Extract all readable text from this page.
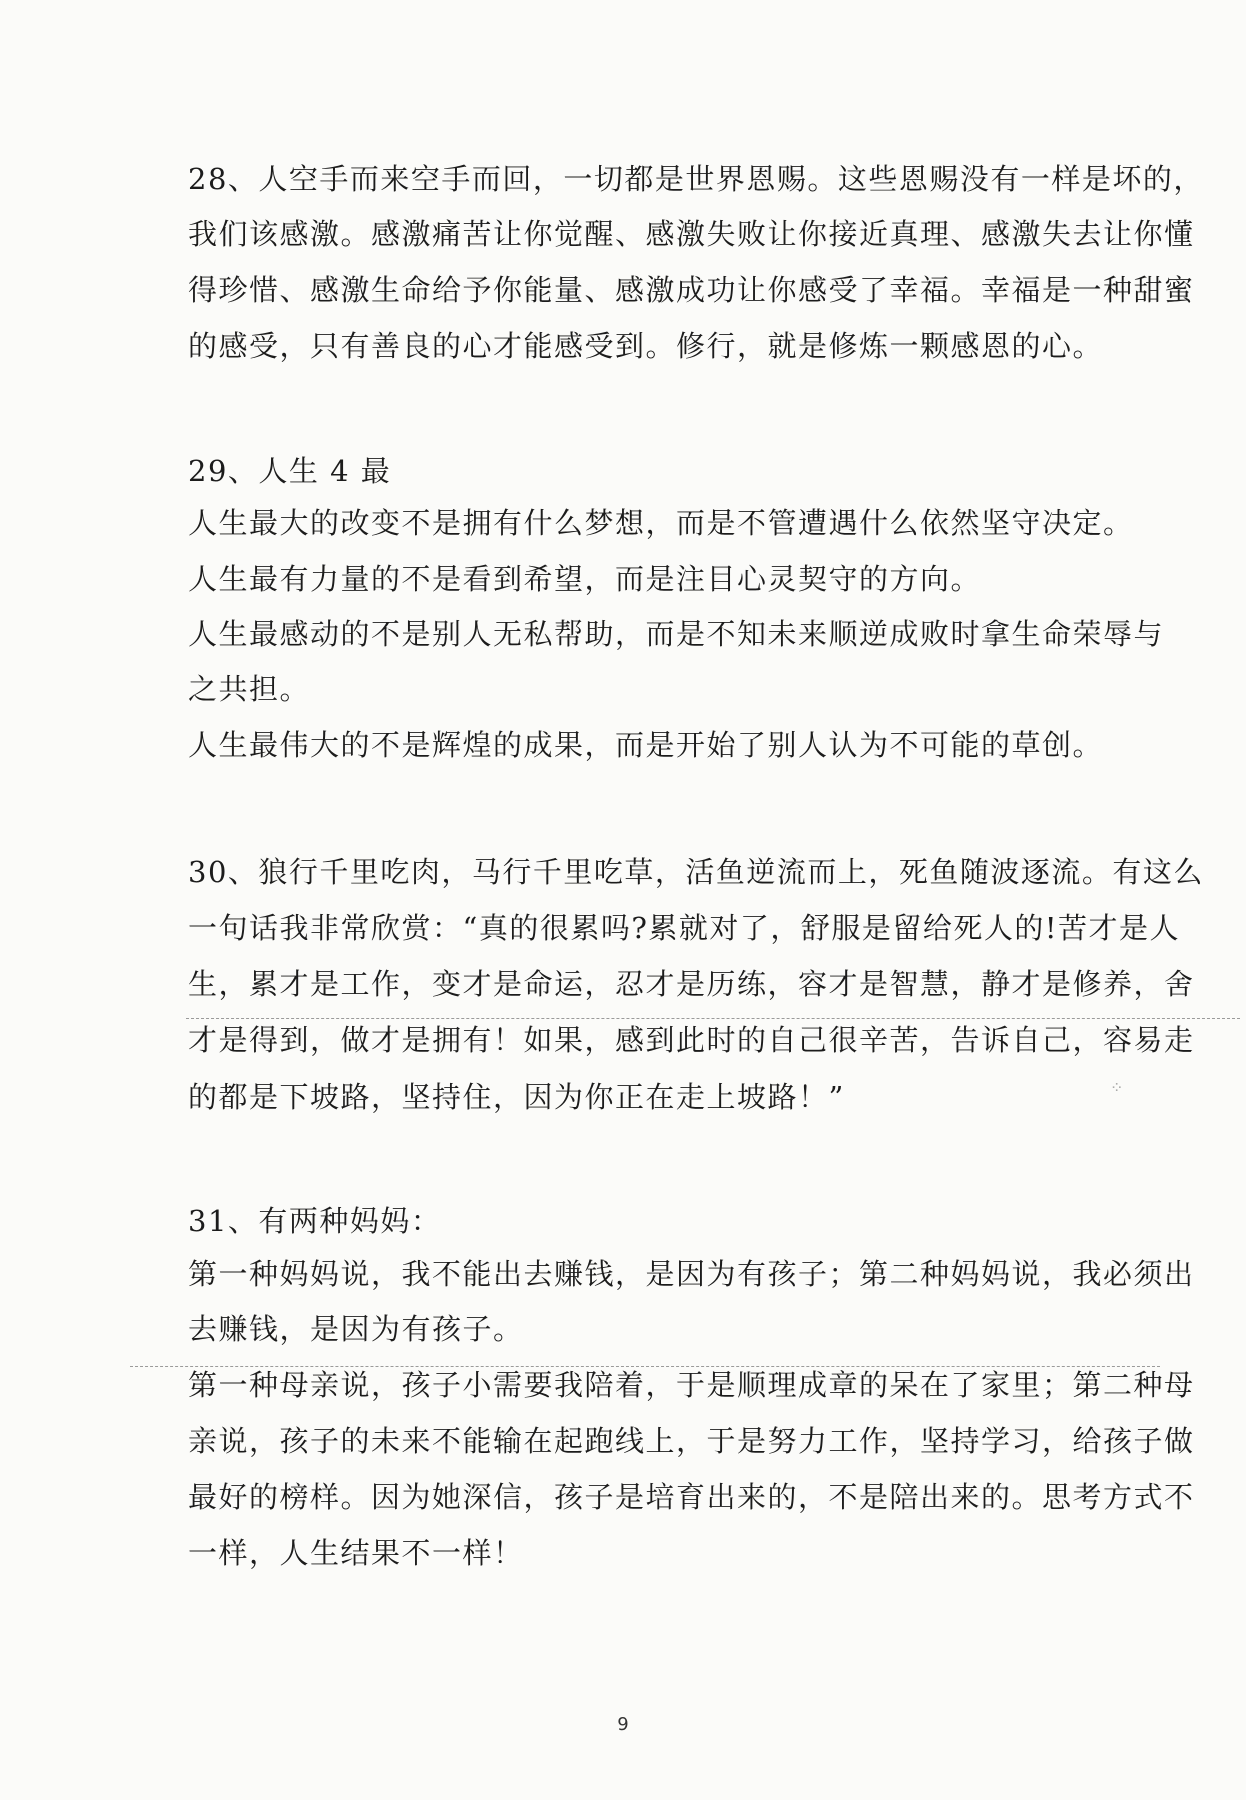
28、人空手而来空手而回，一切都是世界恩赐。这些恩赐没有一样是坏的，
我们该感激。感激痛苦让你觉醒、感激失败让你接近真理、感激失去让你懂
得珍惜、感激生命给予你能量、感激成功让你感受了幸福。幸福是一种甜蜜
的感受，只有善良的心才能感受到。修行，就是修炼一颗感恩的心。
29、人生 4 最
人生最大的改变不是拥有什么梦想，而是不管遭遇什么依然坚守决定。
人生最有力量的不是看到希望，而是注目心灵契守的方向。
人生最感动的不是别人无私帮助，而是不知未来顺逆成败时拿生命荣辱与
之共担。
人生最伟大的不是辉煌的成果，而是开始了别人认为不可能的草创。
30、狼行千里吃肉，马行千里吃草，活鱼逆流而上，死鱼随波逐流。有这么
一句话我非常欣赏：“真的很累吗?累就对了，舒服是留给死人的!苦才是人
生，累才是工作，变才是命运，忍才是历练，容才是智慧，静才是修养，舍
才是得到，做才是拥有！如果，感到此时的自己很辛苦，告诉自己，容易走
的都是下坡路，坚持住，因为你正在走上坡路！”
31、有两种妈妈：
第一种妈妈说，我不能出去赚钱，是因为有孩子；第二种妈妈说，我必须出
去赚钱，是因为有孩子。
第一种母亲说，孩子小需要我陪着，于是顺理成章的呆在了家里；第二种母
亲说，孩子的未来不能输在起跑线上，于是努力工作，坚持学习，给孩子做
最好的榜样。因为她深信，孩子是培育出来的，不是陪出来的。思考方式不
一样，人生结果不一样！
⁘
9
